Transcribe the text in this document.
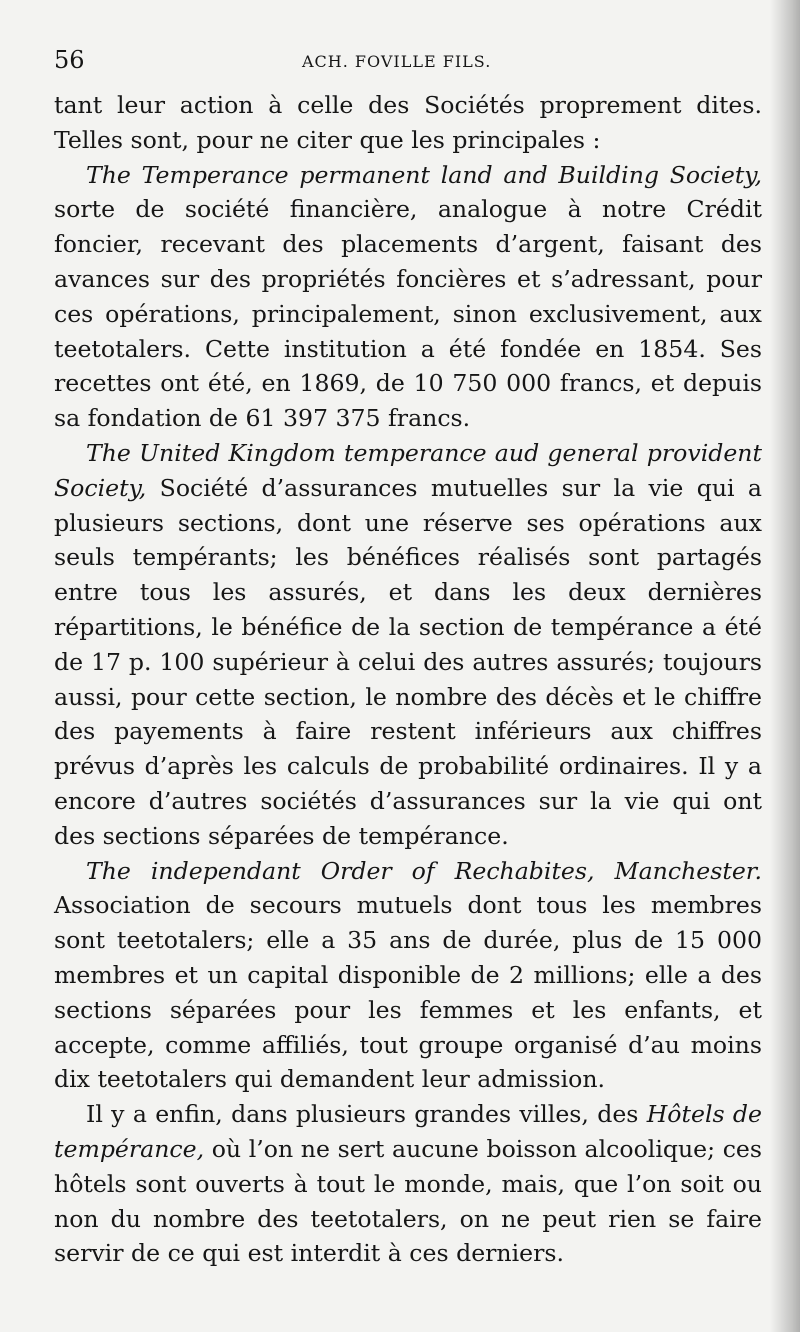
56	ACH. FOVILLE FILS.

tant leur action à celle des Sociétés proprement dites. Telles sont, pour ne citer que les principales :

The Temperance permanent land and Building Society, sorte de société financière, analogue à notre Crédit foncier, recevant des placements d’argent, faisant des avances sur des propriétés foncières et s’adressant, pour ces opérations, principalement, sinon exclusivement, aux teetotalers. Cette institution a été fondée en 1854. Ses recettes ont été, en 1869, de 10 750 000 francs, et depuis sa fondation de 61 397 375 francs.

The United Kingdom temperance aud general provident Society, Société d’assurances mutuelles sur la vie qui a plusieurs sections, dont une réserve ses opérations aux seuls tempérants; les bénéfices réalisés sont partagés entre tous les assurés, et dans les deux dernières répartitions, le bénéfice de la section de tempérance a été de 17 p. 100 supérieur à celui des autres assurés; toujours aussi, pour cette section, le nombre des décès et le chiffre des payements à faire restent inférieurs aux chiffres prévus d’après les calculs de probabilité ordinaires. Il y a encore d’autres sociétés d’assurances sur la vie qui ont des sections séparées de tempérance.

The independant Order of Rechabites, Manchester. Association de secours mutuels dont tous les membres sont teetotalers; elle a 35 ans de durée, plus de 15 000 membres et un capital disponible de 2 millions; elle a des sections séparées pour les femmes et les enfants, et accepte, comme affiliés, tout groupe organisé d’au moins dix teetotalers qui demandent leur admission.

Il y a enfin, dans plusieurs grandes villes, des Hôtels de tempérance, où l’on ne sert aucune boisson alcoolique; ces hôtels sont ouverts à tout le monde, mais, que l’on soit ou non du nombre des teetotalers, on ne peut rien se faire servir de ce qui est interdit à ces derniers.
